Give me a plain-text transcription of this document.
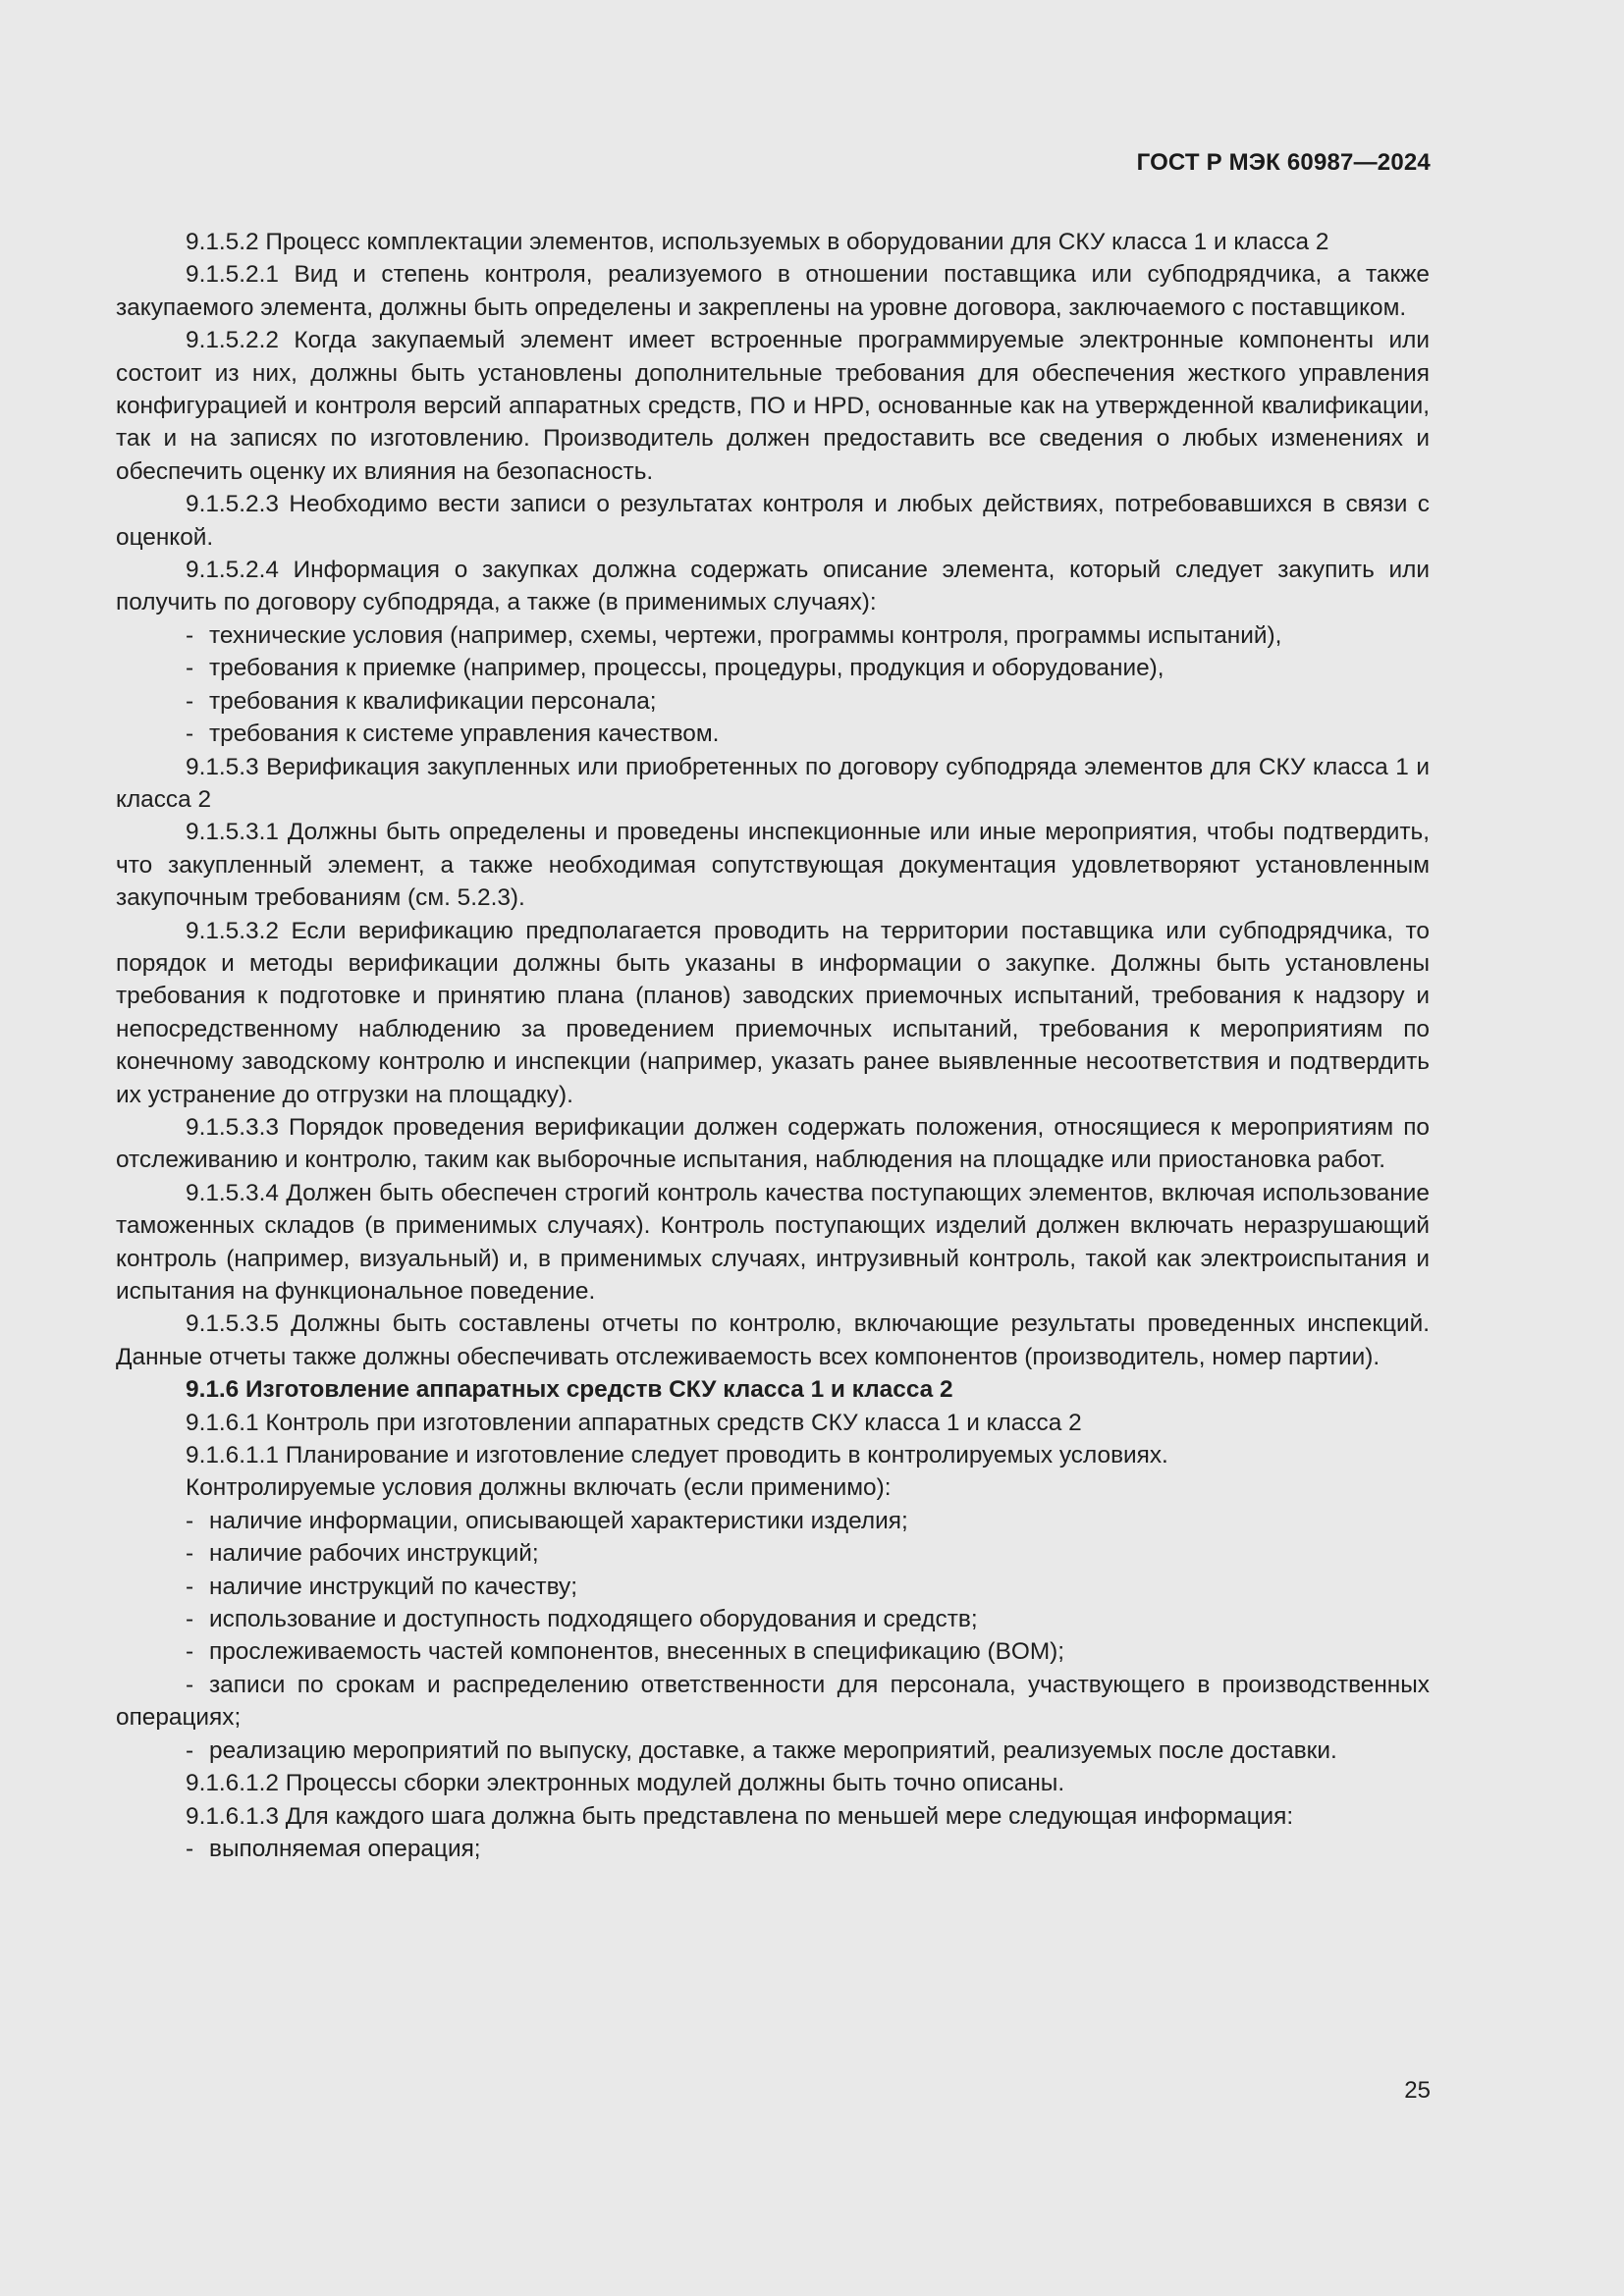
ГОСТ Р МЭК 60987—2024

9.1.5.2 Процесс комплектации элементов, используемых в оборудовании для СКУ класса 1 и класса 2

9.1.5.2.1 Вид и степень контроля, реализуемого в отношении поставщика или субподрядчика, а также закупаемого элемента, должны быть определены и закреплены на уровне договора, заключаемого с поставщиком.

9.1.5.2.2 Когда закупаемый элемент имеет встроенные программируемые электронные компоненты или состоит из них, должны быть установлены дополнительные требования для обеспечения жесткого управления конфигурацией и контроля версий аппаратных средств, ПО и HPD, основанные как на утвержденной квалификации, так и на записях по изготовлению. Производитель должен предоставить все сведения о любых изменениях и обеспечить оценку их влияния на безопасность.

9.1.5.2.3 Необходимо вести записи о результатах контроля и любых действиях, потребовавшихся в связи с оценкой.

9.1.5.2.4 Информация о закупках должна содержать описание элемента, который следует закупить или получить по договору субподряда, а также (в применимых случаях):

- технические условия (например, схемы, чертежи, программы контроля, программы испытаний),

- требования к приемке (например, процессы, процедуры, продукция и оборудование),

- требования к квалификации персонала;

- требования к системе управления качеством.

9.1.5.3 Верификация закупленных или приобретенных по договору субподряда элементов для СКУ класса 1 и класса 2

9.1.5.3.1 Должны быть определены и проведены инспекционные или иные мероприятия, чтобы подтвердить, что закупленный элемент, а также необходимая сопутствующая документация удовлетворяют установленным закупочным требованиям (см. 5.2.3).

9.1.5.3.2 Если верификацию предполагается проводить на территории поставщика или субподрядчика, то порядок и методы верификации должны быть указаны в информации о закупке. Должны быть установлены требования к подготовке и принятию плана (планов) заводских приемочных испытаний, требования к надзору и непосредственному наблюдению за проведением приемочных испытаний, требования к мероприятиям по конечному заводскому контролю и инспекции (например, указать ранее выявленные несоответствия и подтвердить их устранение до отгрузки на площадку).

9.1.5.3.3 Порядок проведения верификации должен содержать положения, относящиеся к мероприятиям по отслеживанию и контролю, таким как выборочные испытания, наблюдения на площадке или приостановка работ.

9.1.5.3.4 Должен быть обеспечен строгий контроль качества поступающих элементов, включая использование таможенных складов (в применимых случаях). Контроль поступающих изделий должен включать неразрушающий контроль (например, визуальный) и, в применимых случаях, интрузивный контроль, такой как электроиспытания и испытания на функциональное поведение.

9.1.5.3.5 Должны быть составлены отчеты по контролю, включающие результаты проведенных инспекций. Данные отчеты также должны обеспечивать отслеживаемость всех компонентов (производитель, номер партии).

9.1.6 Изготовление аппаратных средств СКУ класса 1 и класса 2

9.1.6.1 Контроль при изготовлении аппаратных средств СКУ класса 1 и класса 2

9.1.6.1.1 Планирование и изготовление следует проводить в контролируемых условиях.

Контролируемые условия должны включать (если применимо):

- наличие информации, описывающей характеристики изделия;

- наличие рабочих инструкций;

- наличие инструкций по качеству;

- использование и доступность подходящего оборудования и средств;

- прослеживаемость частей компонентов, внесенных в спецификацию (BOM);

- записи по срокам и распределению ответственности для персонала, участвующего в производственных операциях;

- реализацию мероприятий по выпуску, доставке, а также мероприятий, реализуемых после доставки.

9.1.6.1.2 Процессы сборки электронных модулей должны быть точно описаны.

9.1.6.1.3 Для каждого шага должна быть представлена по меньшей мере следующая информация:

- выполняемая операция;

25
